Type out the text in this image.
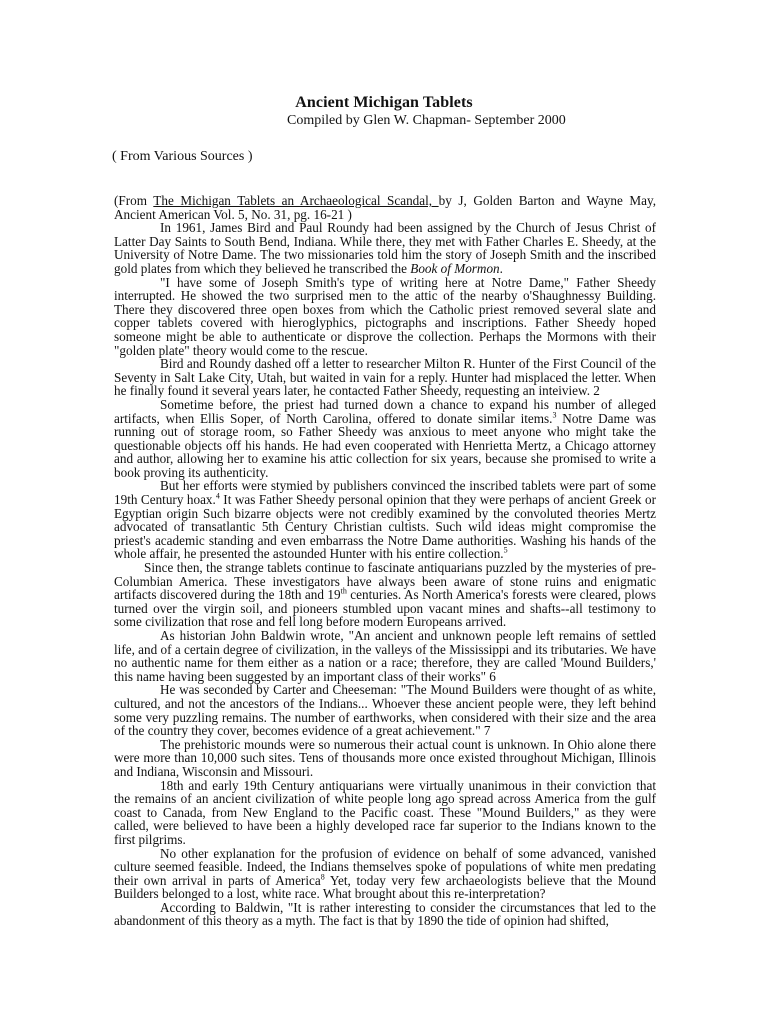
Ancient Michigan Tablets
Compiled by Glen W. Chapman- September 2000
( From Various Sources )

(From The Michigan Tablets an Archaeological Scandal, by J, Golden Barton and Wayne May, Ancient American Vol. 5, No. 31, pg. 16-21 )

In 1961, James Bird and Paul Roundy had been assigned by the Church of Jesus Christ of Latter Day Saints to South Bend, Indiana. While there, they met with Father Charles E. Sheedy, at the University of Notre Dame. The two missionaries told him the story of Joseph Smith and the inscribed gold plates from which they believed he transcribed the Book of Mormon.

"I have some of Joseph Smith's type of writing here at Notre Dame," Father Sheedy interrupted. He showed the two surprised men to the attic of the nearby o'Shaughnessy Building. There they discovered three open boxes from which the Catholic priest removed several slate and copper tablets covered with hieroglyphics, pictographs and inscriptions. Father Sheedy hoped someone might be able to authenticate or disprove the collection. Perhaps the Mormons with their "golden plate" theory would come to the rescue.

Bird and Roundy dashed off a letter to researcher Milton R. Hunter of the First Council of the Seventy in Salt Lake City, Utah, but waited in vain for a reply. Hunter had misplaced the letter. When he finally found it several years later, he contacted Father Sheedy, requesting an inteiview. 2

Sometime before, the priest had turned down a chance to expand his number of alleged artifacts, when Ellis Soper, of North Carolina, offered to donate similar items.$^3$ Notre Dame was running out of storage room, so Father Sheedy was anxious to meet anyone who might take the questionable objects off his hands. He had even cooperated with Henrietta Mertz, a Chicago attorney and author, allowing her to examine his attic collection for six years, because she promised to write a book proving its authenticity.

But her efforts were stymied by publishers convinced the inscribed tablets were part of some 19th Century hoax.$^4$ It was Father Sheedy personal opinion that they were perhaps of ancient Greek or Egyptian origin Such bizarre objects were not credibly examined by the convoluted theories Mertz advocated of transatlantic 5th Century Christian cultists. Such wild ideas might compromise the priest's academic standing and even embarrass the Notre Dame authorities. Washing his hands of the whole affair, he presented the astounded Hunter with his entire collection.$^5$

Since then, the strange tablets continue to fascinate antiquarians puzzled by the mysteries of pre-Columbian America. These investigators have always been aware of stone ruins and enigmatic artifacts discovered during the 18th and 19th centuries. As North America's forests were cleared, plows turned over the virgin soil, and pioneers stumbled upon vacant mines and shafts--all testimony to some civilization that rose and fell long before modern Europeans arrived.

As historian John Baldwin wrote, "An ancient and unknown people left remains of settled life, and of a certain degree of civilization, in the valleys of the Mississippi and its tributaries. We have no authentic name for them either as a nation or a race; therefore, they are called 'Mound Builders,' this name having been suggested by an important class of their works" 6

He was seconded by Carter and Cheeseman: "The Mound Builders were thought of as white, cultured, and not the ancestors of the Indians... Whoever these ancient people were, they left behind some very puzzling remains. The number of earthworks, when considered with their size and the area of the country they cover, becomes evidence of a great achievement." 7

The prehistoric mounds were so numerous their actual count is unknown. In Ohio alone there were more than 10,000 such sites. Tens of thousands more once existed throughout Michigan, Illinois and Indiana, Wisconsin and Missouri.

18th and early 19th Century antiquarians were virtually unanimous in their conviction that the remains of an ancient civilization of white people long ago spread across America from the gulf coast to Canada, from New England to the Pacific coast. These "Mound Builders," as they were called, were believed to have been a highly developed race far superior to the Indians known to the first pilgrims.

No other explanation for the profusion of evidence on behalf of some advanced, vanished culture seemed feasible. Indeed, the Indians themselves spoke of populations of white men predating their own arrival in parts of America$^8$ Yet, today very few archaeologists believe that the Mound Builders belonged to a lost, white race. What brought about this re-interpretation?

According to Baldwin, "It is rather interesting to consider the circumstances that led to the abandonment of this theory as a myth. The fact is that by 1890 the tide of opinion had shifted,
